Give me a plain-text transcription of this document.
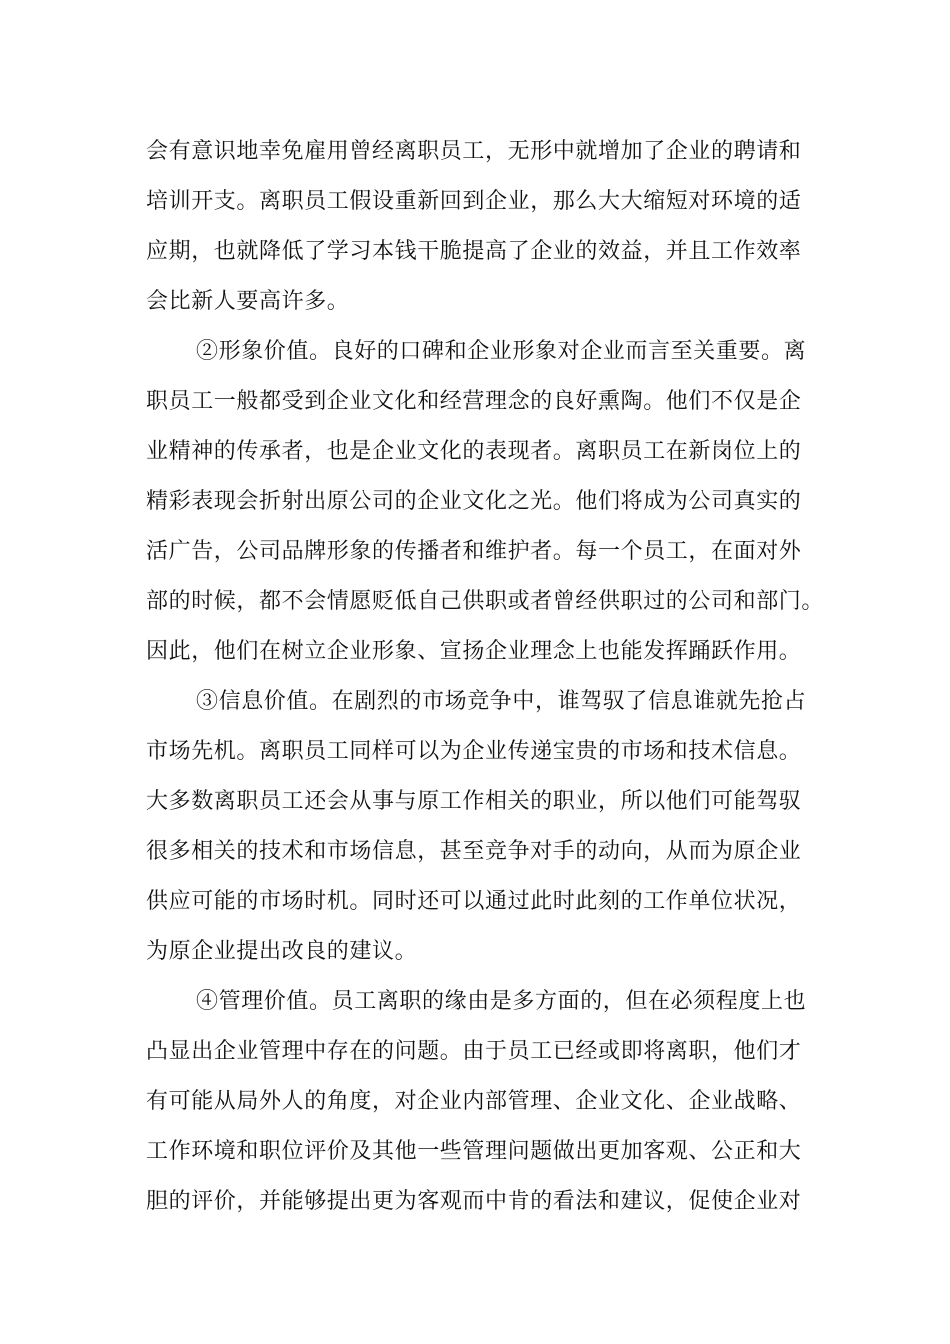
会有意识地幸免雇用曾经离职员工，无形中就增加了企业的聘请和

培训开支。离职员工假设重新回到企业，那么大大缩短对环境的适

应期，也就降低了学习本钱干脆提高了企业的效益，并且工作效率

会比新人要高许多。

②形象价值。良好的口碑和企业形象对企业而言至关重要。离

职员工一般都受到企业文化和经营理念的良好熏陶。他们不仅是企

业精神的传承者，也是企业文化的表现者。离职员工在新岗位上的

精彩表现会折射出原公司的企业文化之光。他们将成为公司真实的

活广告，公司品牌形象的传播者和维护者。每一个员工，在面对外

部的时候，都不会情愿贬低自己供职或者曾经供职过的公司和部门。

因此，他们在树立企业形象、宣扬企业理念上也能发挥踊跃作用。

③信息价值。在剧烈的市场竞争中，谁驾驭了信息谁就先抢占

市场先机。离职员工同样可以为企业传递宝贵的市场和技术信息。

大多数离职员工还会从事与原工作相关的职业，所以他们可能驾驭

很多相关的技术和市场信息，甚至竞争对手的动向，从而为原企业

供应可能的市场时机。同时还可以通过此时此刻的工作单位状况，

为原企业提出改良的建议。

④管理价值。员工离职的缘由是多方面的，但在必须程度上也

凸显出企业管理中存在的问题。由于员工已经或即将离职，他们才

有可能从局外人的角度，对企业内部管理、企业文化、企业战略、

工作环境和职位评价及其他一些管理问题做出更加客观、公正和大

胆的评价，并能够提出更为客观而中肯的看法和建议，促使企业对
